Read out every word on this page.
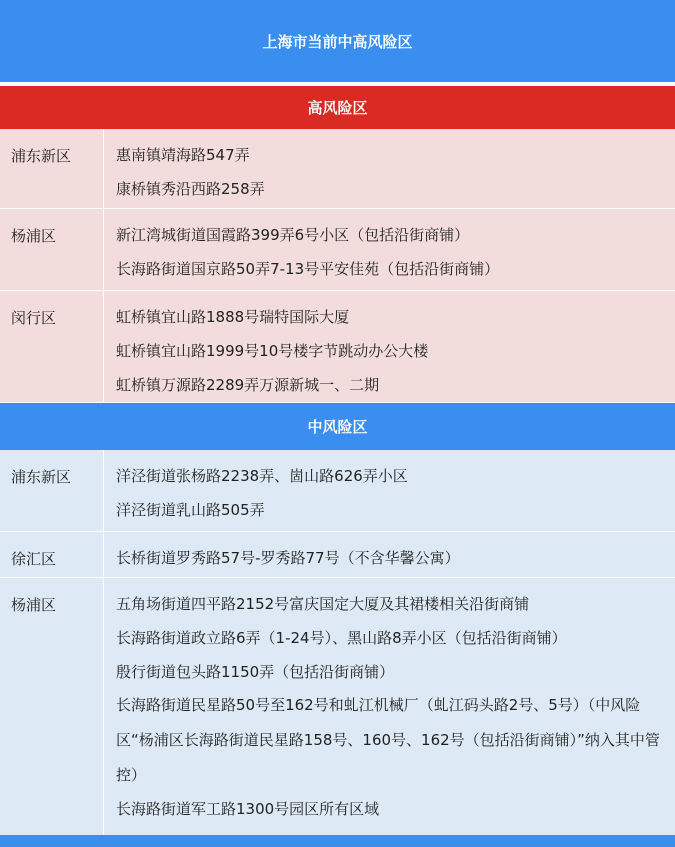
上海市当前中高风险区
高风险区
浦东新区	惠南镇靖海路547弄
康桥镇秀沿西路258弄
杨浦区	新江湾城街道国霞路399弄6号小区（包括沿街商铺）
长海路街道国京路50弄7-13号平安佳苑（包括沿街商铺）
闵行区	虹桥镇宜山路1888号瑞特国际大厦
虹桥镇宜山路1999号10号楼字节跳动办公大楼
虹桥镇万源路2289弄万源新城一、二期
中风险区
浦东新区	洋泾街道张杨路2238弄、崮山路626弄小区
洋泾街道乳山路505弄
徐汇区	长桥街道罗秀路57号-罗秀路77号（不含华馨公寓）
杨浦区	五角场街道四平路2152号富庆国定大厦及其裙楼相关沿街商铺
长海路街道政立路6弄（1-24号）、黑山路8弄小区（包括沿街商铺）
殷行街道包头路1150弄（包括沿街商铺）
长海路街道民星路50号至162号和虬江机械厂（虬江码头路2号、5号）（中风险区“杨浦区长海路街道民星路158号、160号、162号（包括沿街商铺）”纳入其中管控）
长海路街道军工路1300号园区所有区域
